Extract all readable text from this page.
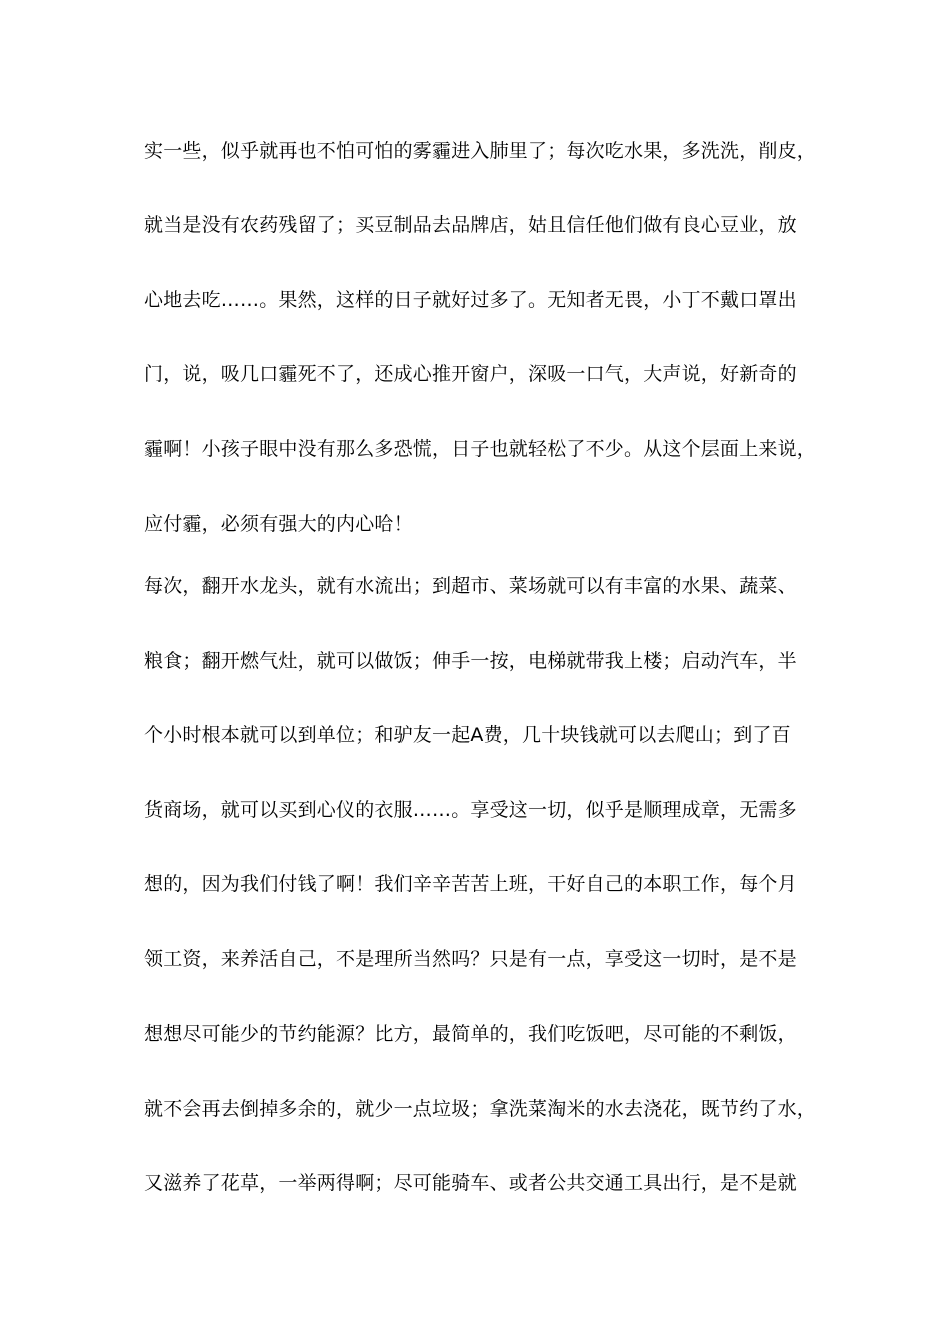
实一些，似乎就再也不怕可怕的雾霾进入肺里了；每次吃水果，多洗洗，削皮，
就当是没有农药残留了；买豆制品去品牌店，姑且信任他们做有良心豆业，放
心地去吃……。果然，这样的日子就好过多了。无知者无畏，小丁不戴口罩出
门，说，吸几口霾死不了，还成心推开窗户，深吸一口气，大声说，好新奇的
霾啊！小孩子眼中没有那么多恐慌，日子也就轻松了不少。从这个层面上来说，
应付霾，必须有强大的内心哈！
每次，翻开水龙头，就有水流出；到超市、菜场就可以有丰富的水果、蔬菜、
粮食；翻开燃气灶，就可以做饭；伸手一按，电梯就带我上楼；启动汽车，半
个小时根本就可以到单位；和驴友一起A费，几十块钱就可以去爬山；到了百
货商场，就可以买到心仪的衣服……。享受这一切，似乎是顺理成章，无需多
想的，因为我们付钱了啊！我们辛辛苦苦上班，干好自己的本职工作，每个月
领工资，来养活自己，不是理所当然吗？只是有一点，享受这一切时，是不是
想想尽可能少的节约能源？比方，最简单的，我们吃饭吧，尽可能的不剩饭，
就不会再去倒掉多余的，就少一点垃圾；拿洗菜淘米的水去浇花，既节约了水，
又滋养了花草，一举两得啊；尽可能骑车、或者公共交通工具出行，是不是就
